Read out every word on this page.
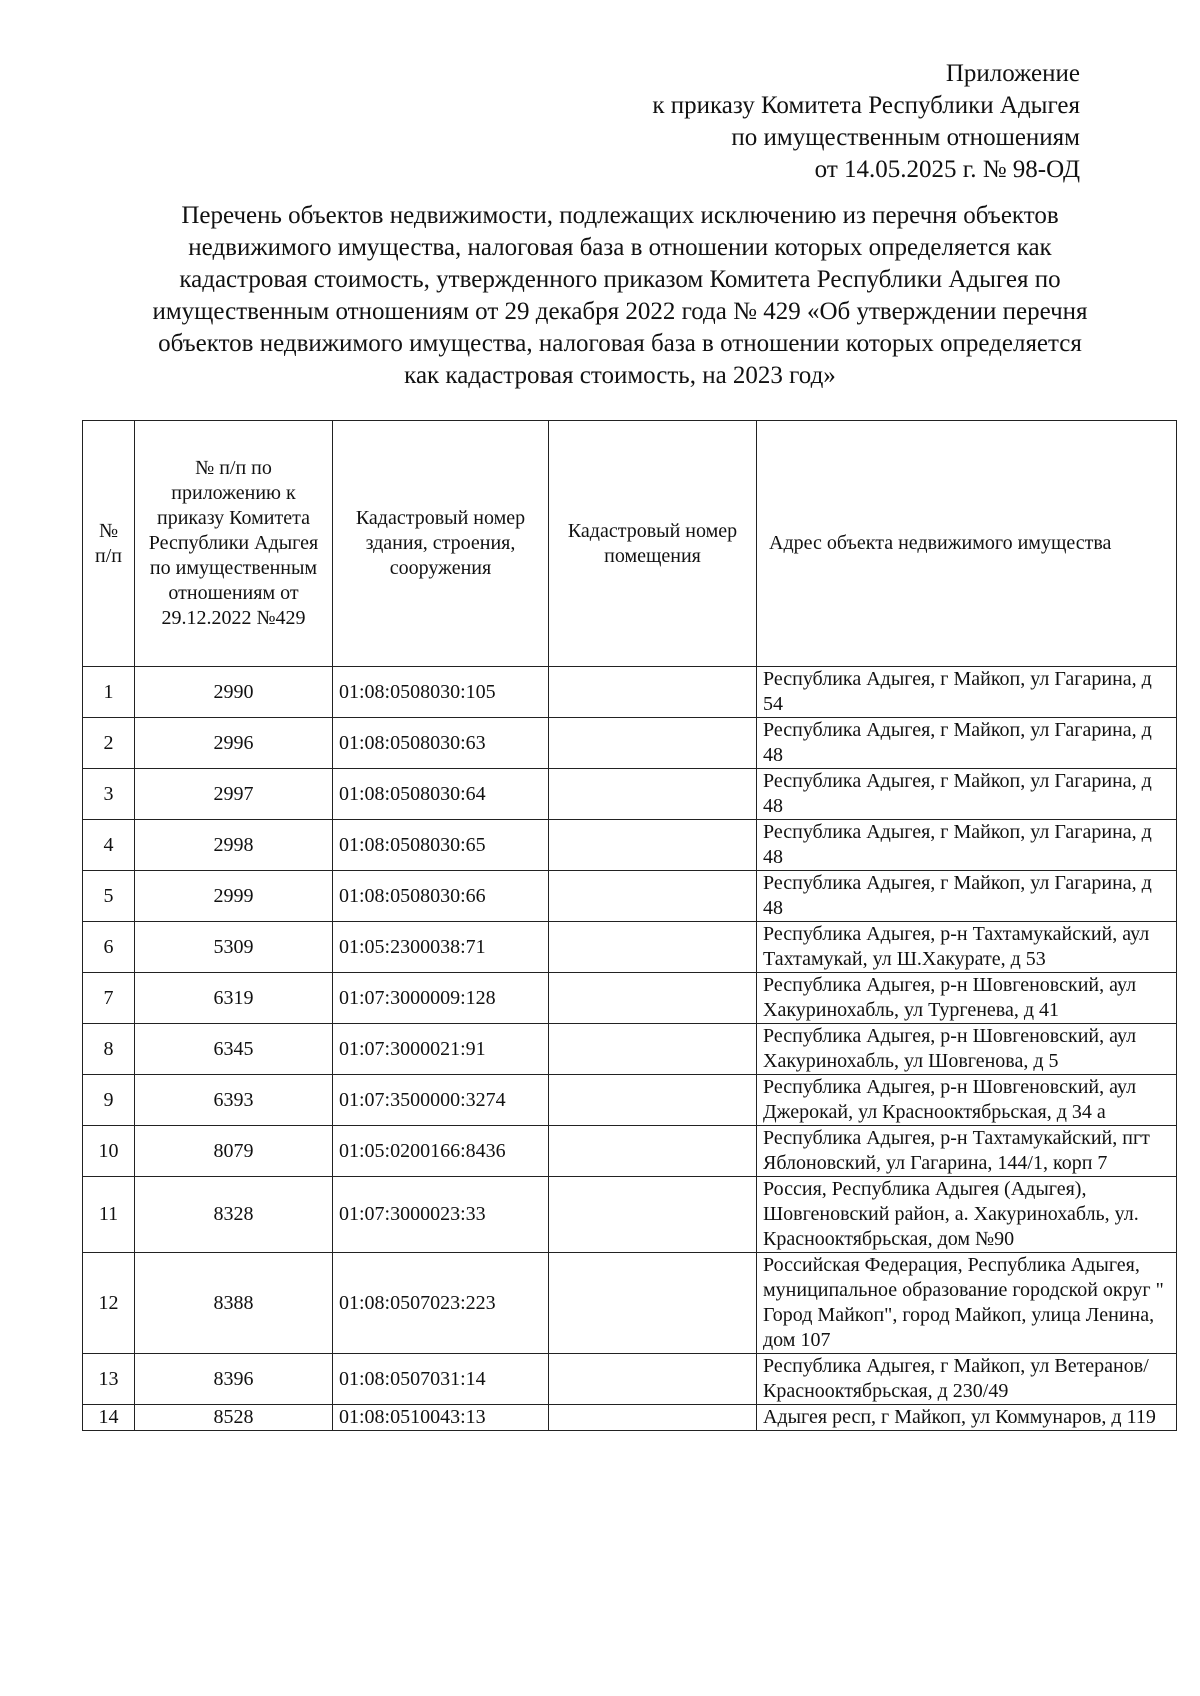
Приложение
к приказу Комитета Республики Адыгея
по имущественным отношениям
от 14.05.2025 г. № 98-ОД
Перечень объектов недвижимости, подлежащих исключению из перечня объектов
недвижимого имущества, налоговая база в отношении которых определяется как
кадастровая стоимость, утвержденного приказом Комитета Республики Адыгея по
имущественным отношениям от 29 декабря 2022 года № 429 «Об утверждении перечня
объектов недвижимого имущества, налоговая база в отношении которых определяется
как кадастровая стоимость, на 2023 год»
№ п/п	№ п/п по приложению к приказу Комитета Республики Адыгея по имущественным отношениям от 29.12.2022 №429	Кадастровый номер здания, строения, сооружения	Кадастровый номер помещения	Адрес объекта недвижимого имущества
1	2990	01:08:0508030:105		Республика Адыгея, г Майкоп, ул Гагарина, д 54
2	2996	01:08:0508030:63		Республика Адыгея, г Майкоп, ул Гагарина, д 48
3	2997	01:08:0508030:64		Республика Адыгея, г Майкоп, ул Гагарина, д 48
4	2998	01:08:0508030:65		Республика Адыгея, г Майкоп, ул Гагарина, д 48
5	2999	01:08:0508030:66		Республика Адыгея, г Майкоп, ул Гагарина, д 48
6	5309	01:05:2300038:71		Республика Адыгея, р-н Тахтамукайский, аул Тахтамукай, ул Ш.Хакурате, д 53
7	6319	01:07:3000009:128		Республика Адыгея, р-н Шовгеновский, аул Хакуринохабль, ул Тургенева, д 41
8	6345	01:07:3000021:91		Республика Адыгея, р-н Шовгеновский, аул Хакуринохабль, ул Шовгенова, д 5
9	6393	01:07:3500000:3274		Республика Адыгея, р-н Шовгеновский, аул Джерокай, ул Краснооктябрьская, д 34 а
10	8079	01:05:0200166:8436		Республика Адыгея, р-н Тахтамукайский, пгт Яблоновский, ул Гагарина, 144/1, корп 7
11	8328	01:07:3000023:33		Россия, Республика Адыгея (Адыгея), Шовгеновский район, а. Хакуринохабль, ул. Краснооктябрьская, дом №90
12	8388	01:08:0507023:223		Российская Федерация, Республика Адыгея, муниципальное образование городской округ " Город Майкоп", город Майкоп, улица Ленина, дом 107
13	8396	01:08:0507031:14		Республика Адыгея, г Майкоп, ул Ветеранов/Краснооктябрьская, д 230/49
14	8528	01:08:0510043:13		Адыгея респ, г Майкоп, ул Коммунаров, д 119
